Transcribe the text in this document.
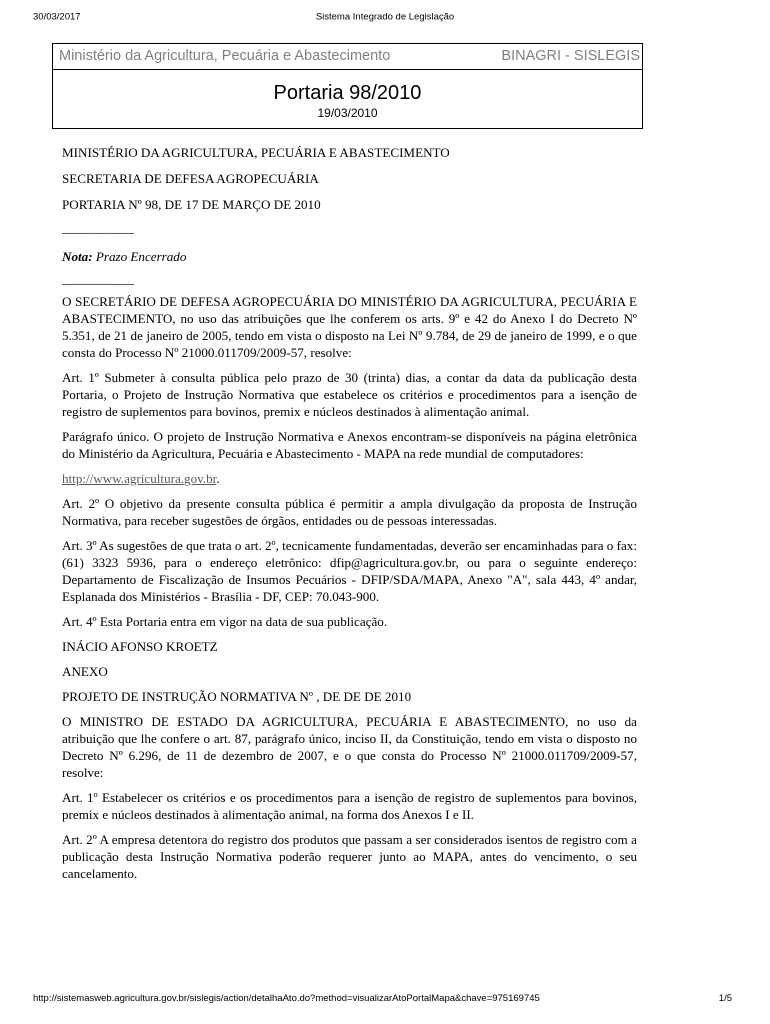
30/03/2017	Sistema Integrado de Legislação
Ministério da Agricultura, Pecuária e Abastecimento	BINAGRI - SISLEGIS
Portaria 98/2010
19/03/2010

MINISTÉRIO DA AGRICULTURA, PECUÁRIA E ABASTECIMENTO

SECRETARIA DE DEFESA AGROPECUÁRIA

PORTARIA Nº 98, DE 17 DE MARÇO DE 2010

___________

Nota: Prazo Encerrado

___________

O SECRETÁRIO DE DEFESA AGROPECUÁRIA DO MINISTÉRIO DA AGRICULTURA, PECUÁRIA E ABASTECIMENTO, no uso das atribuições que lhe conferem os arts. 9º e 42 do Anexo I do Decreto Nº 5.351, de 21 de janeiro de 2005, tendo em vista o disposto na Lei Nº 9.784, de 29 de janeiro de 1999, e o que consta do Processo Nº 21000.011709/2009-57, resolve:

Art. 1º Submeter à consulta pública pelo prazo de 30 (trinta) dias, a contar da data da publicação desta Portaria, o Projeto de Instrução Normativa que estabelece os critérios e procedimentos para a isenção de registro de suplementos para bovinos, premix e núcleos destinados à alimentação animal.

Parágrafo único. O projeto de Instrução Normativa e Anexos encontram-se disponíveis na página eletrônica do Ministério da Agricultura, Pecuária e Abastecimento - MAPA na rede mundial de computadores:

http://www.agricultura.gov.br.

Art. 2º O objetivo da presente consulta pública é permitir a ampla divulgação da proposta de Instrução Normativa, para receber sugestões de órgãos, entidades ou de pessoas interessadas.

Art. 3º As sugestões de que trata o art. 2º, tecnicamente fundamentadas, deverão ser encaminhadas para o fax: (61) 3323 5936, para o endereço eletrônico: dfip@agricultura.gov.br, ou para o seguinte endereço: Departamento de Fiscalização de Insumos Pecuários - DFIP/SDA/MAPA, Anexo "A", sala 443, 4º andar, Esplanada dos Ministérios - Brasília - DF, CEP: 70.043-900.

Art. 4º Esta Portaria entra em vigor na data de sua publicação.

INÁCIO AFONSO KROETZ

ANEXO

PROJETO DE INSTRUÇÃO NORMATIVA Nº , DE DE DE 2010

O MINISTRO DE ESTADO DA AGRICULTURA, PECUÁRIA E ABASTECIMENTO, no uso da atribuição que lhe confere o art. 87, parágrafo único, inciso II, da Constituição, tendo em vista o disposto no Decreto Nº 6.296, de 11 de dezembro de 2007, e o que consta do Processo Nº 21000.011709/2009-57, resolve:

Art. 1º Estabelecer os critérios e os procedimentos para a isenção de registro de suplementos para bovinos, premix e núcleos destinados à alimentação animal, na forma dos Anexos I e II.

Art. 2º A empresa detentora do registro dos produtos que passam a ser considerados isentos de registro com a publicação desta Instrução Normativa poderão requerer junto ao MAPA, antes do vencimento, o seu cancelamento.

http://sistemasweb.agricultura.gov.br/sislegis/action/detalhaAto.do?method=visualizarAtoPortalMapa&chave=975169745	1/5
